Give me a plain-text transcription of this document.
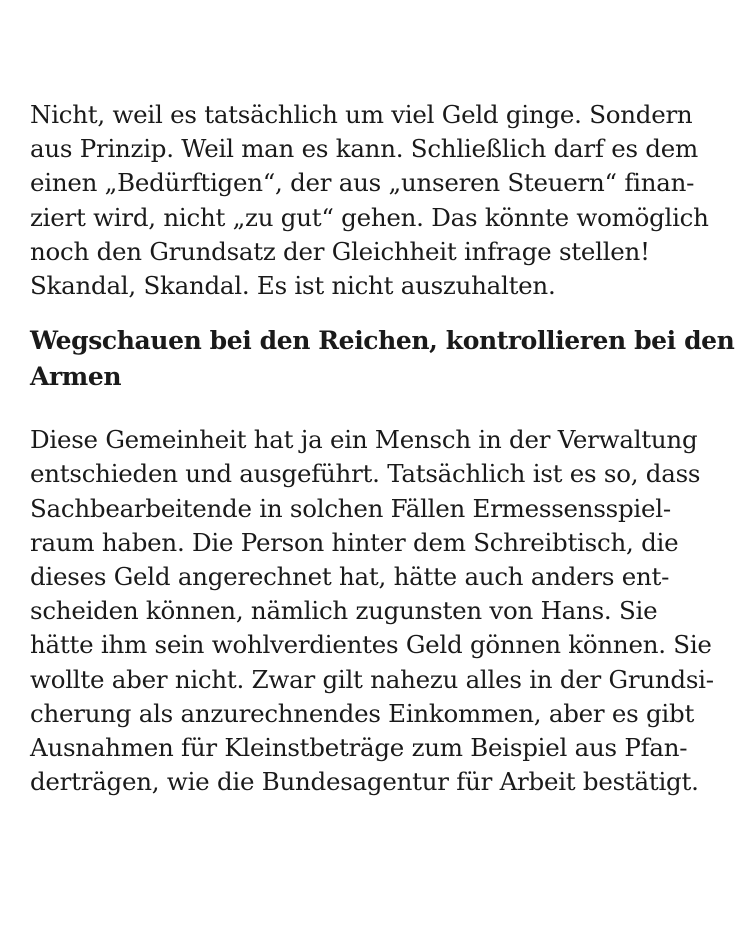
Nicht, weil es tatsächlich um viel Geld ginge. Sondern
aus Prinzip. Weil man es kann. Schließlich darf es dem
einen „Bedürftigen“, der aus „unseren Steuern“ finan-
ziert wird, nicht „zu gut“ gehen. Das könnte womöglich
noch den Grundsatz der Gleichheit infrage stellen!
Skandal, Skandal. Es ist nicht auszuhalten.

Wegschauen bei den Reichen, kontrollieren bei den
Armen

Diese Gemeinheit hat ja ein Mensch in der Verwaltung
entschieden und ausgeführt. Tatsächlich ist es so, dass
Sachbearbeitende in solchen Fällen Ermessensspiel-
raum haben. Die Person hinter dem Schreibtisch, die
dieses Geld angerechnet hat, hätte auch anders ent-
scheiden können, nämlich zugunsten von Hans. Sie
hätte ihm sein wohlverdientes Geld gönnen können. Sie
wollte aber nicht. Zwar gilt nahezu alles in der Grundsi-
cherung als anzurechnendes Einkommen, aber es gibt
Ausnahmen für Kleinstbeträge zum Beispiel aus Pfan-
derträgen, wie die Bundesagentur für Arbeit bestätigt.
